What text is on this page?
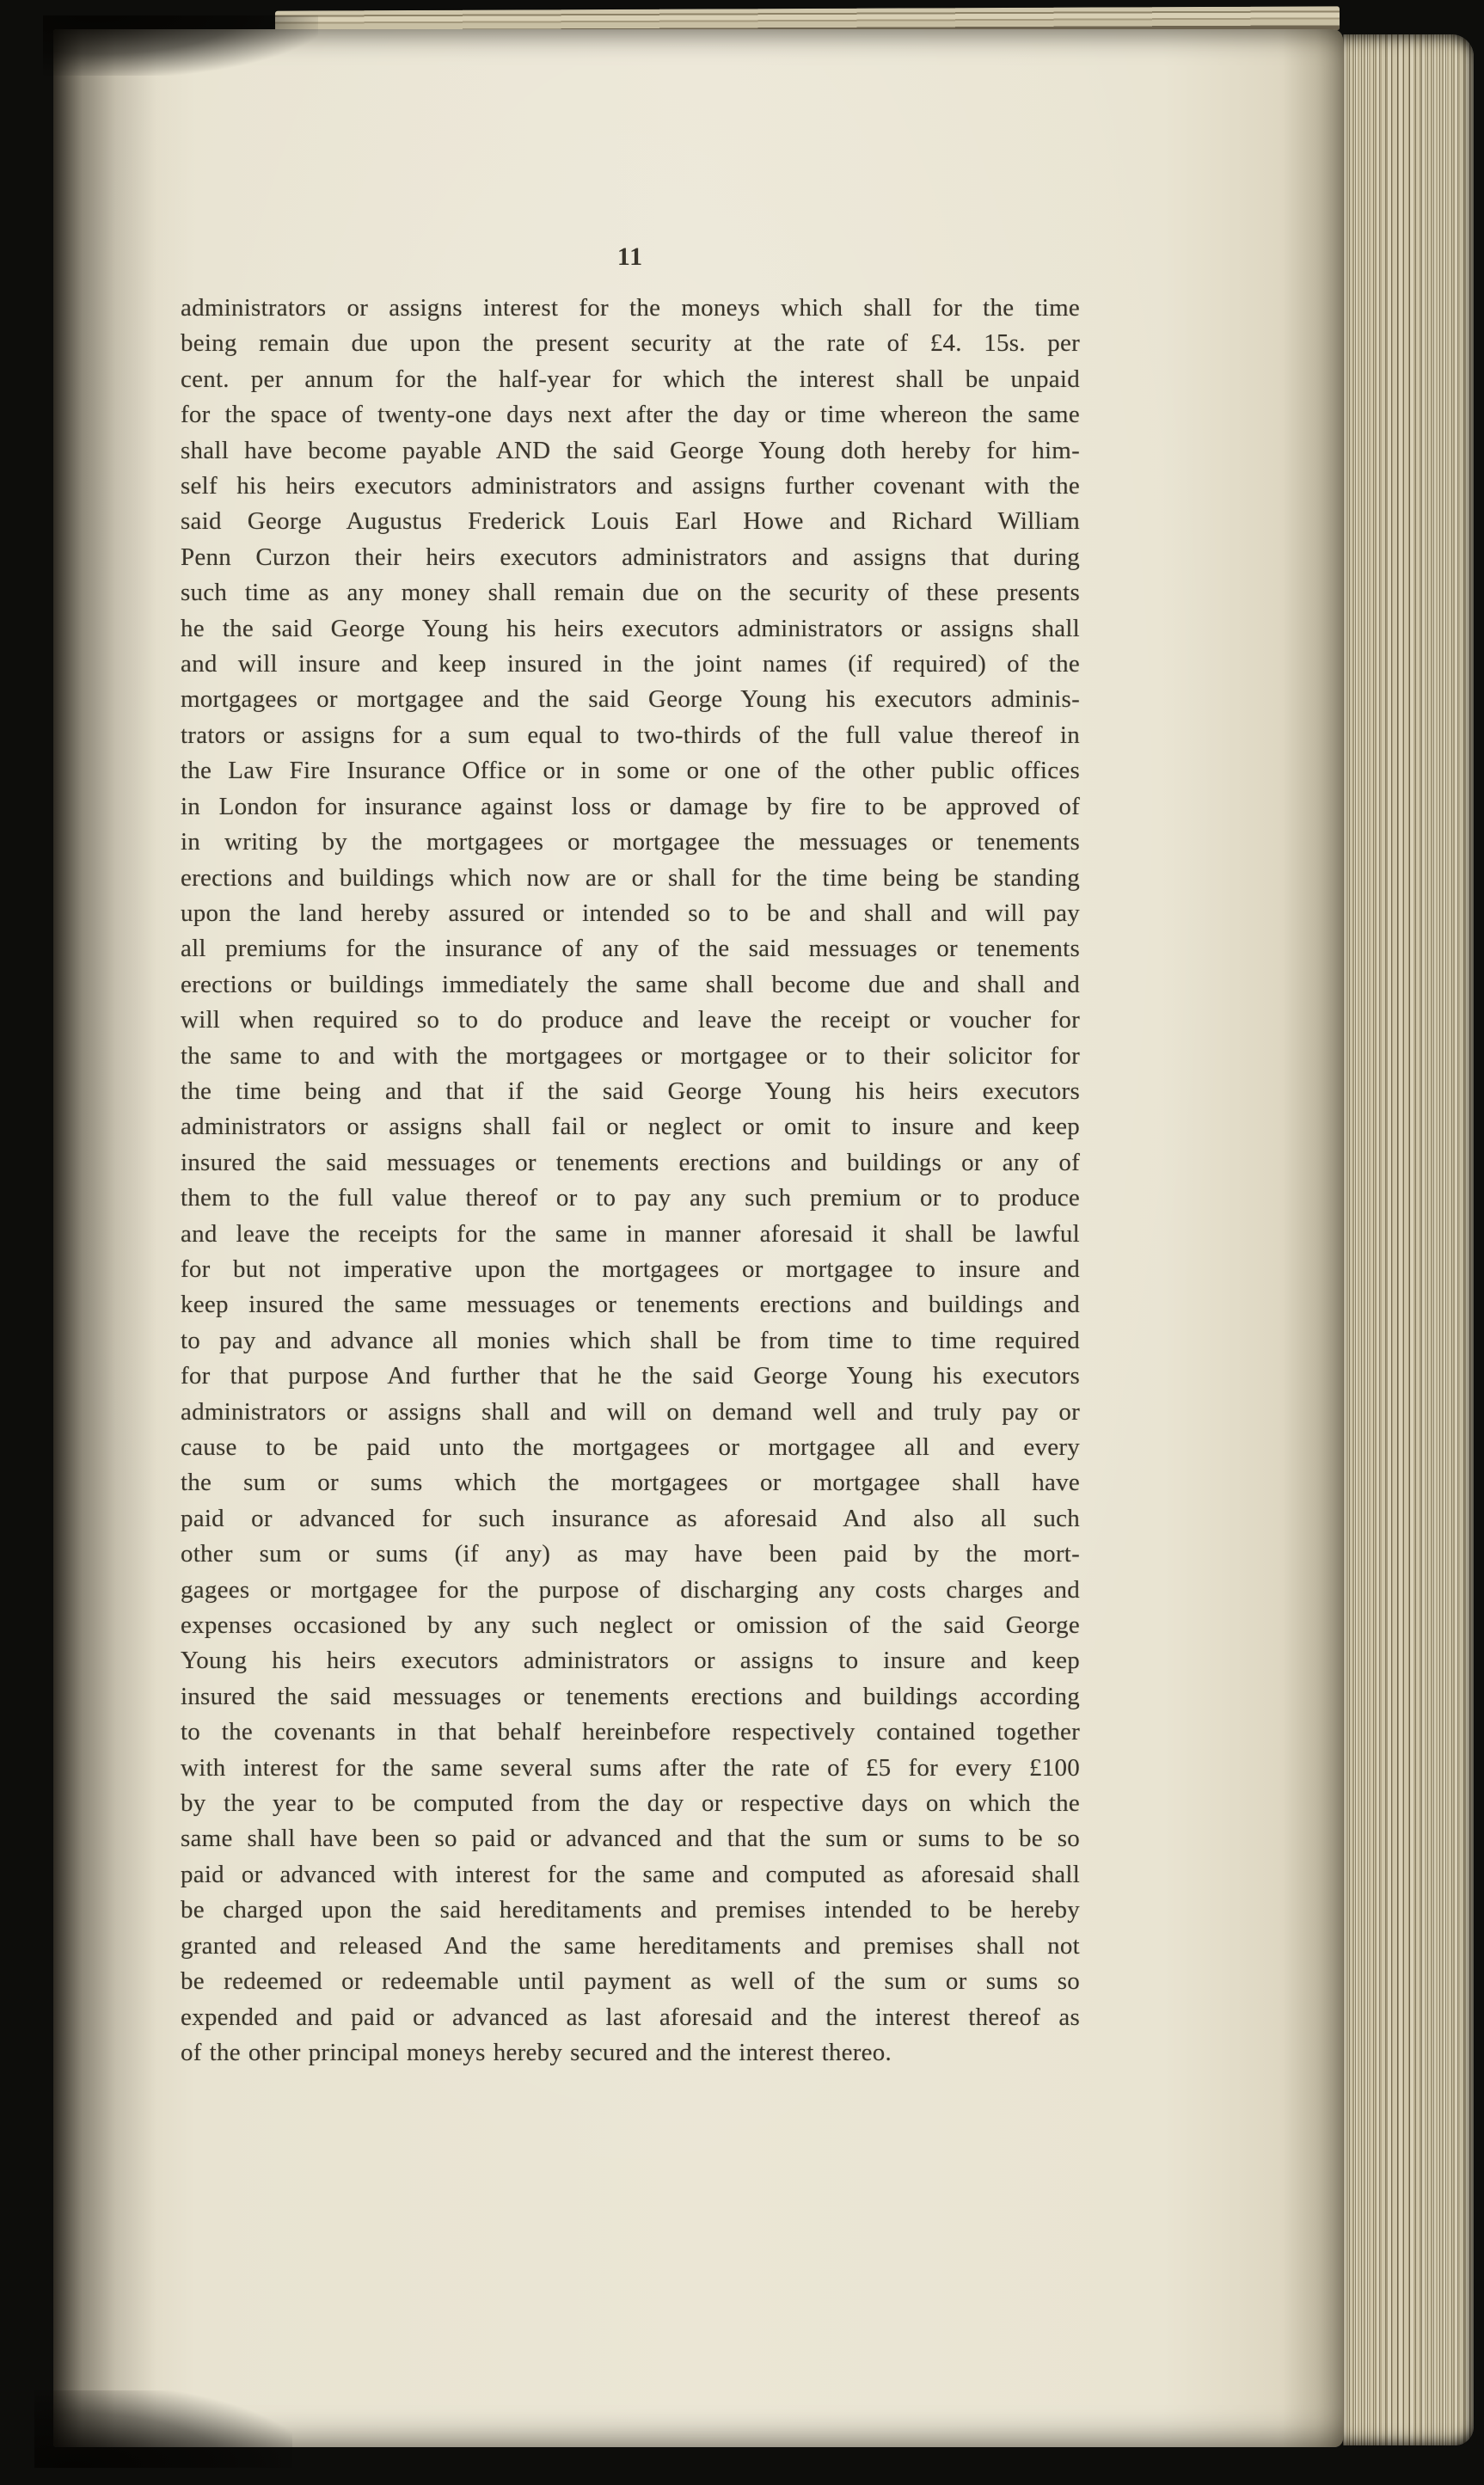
11
administrators or assigns interest for the moneys which shall for the time
being remain due upon the present security at the rate of £4. 15s. per
cent. per annum for the half-year for which the interest shall be unpaid
for the space of twenty-one days next after the day or time whereon the same
shall have become payable AND the said George Young doth hereby for him-
self his heirs executors administrators and assigns further covenant with the
said George Augustus Frederick Louis Earl Howe and Richard William
Penn Curzon their heirs executors administrators and assigns that during
such time as any money shall remain due on the security of these presents
he the said George Young his heirs executors administrators or assigns shall
and will insure and keep insured in the joint names (if required) of the
mortgagees or mortgagee and the said George Young his executors adminis-
trators or assigns for a sum equal to two-thirds of the full value thereof in
the Law Fire Insurance Office or in some or one of the other public offices
in London for insurance against loss or damage by fire to be approved of
in writing by the mortgagees or mortgagee the messuages or tenements
erections and buildings which now are or shall for the time being be standing
upon the land hereby assured or intended so to be and shall and will pay
all premiums for the insurance of any of the said messuages or tenements
erections or buildings immediately the same shall become due and shall and
will when required so to do produce and leave the receipt or voucher for
the same to and with the mortgagees or mortgagee or to their solicitor for
the time being and that if the said George Young his heirs executors
administrators or assigns shall fail or neglect or omit to insure and keep
insured the said messuages or tenements erections and buildings or any of
them to the full value thereof or to pay any such premium or to produce
and leave the receipts for the same in manner aforesaid it shall be lawful
for but not imperative upon the mortgagees or mortgagee to insure and
keep insured the same messuages or tenements erections and buildings and
to pay and advance all monies which shall be from time to time required
for that purpose And further that he the said George Young his executors
administrators or assigns shall and will on demand well and truly pay or
cause to be paid unto the mortgagees or mortgagee all and every
the sum or sums which the mortgagees or mortgagee shall have
paid or advanced for such insurance as aforesaid And also all such
other sum or sums (if any) as may have been paid by the mort-
gagees or mortgagee for the purpose of discharging any costs charges and
expenses occasioned by any such neglect or omission of the said George
Young his heirs executors administrators or assigns to insure and keep
insured the said messuages or tenements erections and buildings according
to the covenants in that behalf hereinbefore respectively contained together
with interest for the same several sums after the rate of £5 for every £100
by the year to be computed from the day or respective days on which the
same shall have been so paid or advanced and that the sum or sums to be so
paid or advanced with interest for the same and computed as aforesaid shall
be charged upon the said hereditaments and premises intended to be hereby
granted and released And the same hereditaments and premises shall not
be redeemed or redeemable until payment as well of the sum or sums so
expended and paid or advanced as last aforesaid and the interest thereof as
of the other principal moneys hereby secured and the interest thereo.
